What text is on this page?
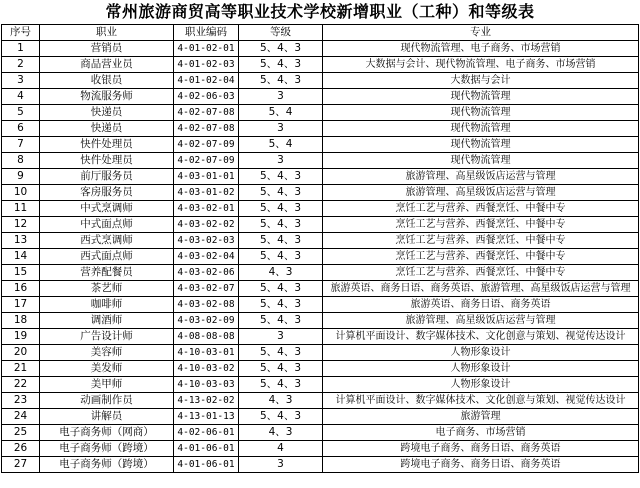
常州旅游商贸高等职业技术学校新增职业（工种）和等级表
序号	职业	职业编码	等级	专业
1	营销员	4-01-02-01	5、4、3	现代物流管理、电子商务、市场营销
2	商品营业员	4-01-02-03	5、4、3	大数据与会计、现代物流管理、电子商务、市场营销
3	收银员	4-01-02-04	5、4、3	大数据与会计
4	物流服务师	4-02-06-03	3	现代物流管理
5	快递员	4-02-07-08	5、4	现代物流管理
6	快递员	4-02-07-08	3	现代物流管理
7	快件处理员	4-02-07-09	5、4	现代物流管理
8	快件处理员	4-02-07-09	3	现代物流管理
9	前厅服务员	4-03-01-01	5、4、3	旅游管理、高星级饭店运营与管理
10	客房服务员	4-03-01-02	5、4、3	旅游管理、高星级饭店运营与管理
11	中式烹调师	4-03-02-01	5、4、3	烹饪工艺与营养、西餐烹饪、中餐中专
12	中式面点师	4-03-02-02	5、4、3	烹饪工艺与营养、西餐烹饪、中餐中专
13	西式烹调师	4-03-02-03	5、4、3	烹饪工艺与营养、西餐烹饪、中餐中专
14	西式面点师	4-03-02-04	5、4、3	烹饪工艺与营养、西餐烹饪、中餐中专
15	营养配餐员	4-03-02-06	4、3	烹饪工艺与营养、西餐烹饪、中餐中专
16	茶艺师	4-03-02-07	5、4、3	旅游英语、商务日语、商务英语、旅游管理、高星级饭店运营与管理
17	咖啡师	4-03-02-08	5、4、3	旅游英语、商务日语、商务英语
18	调酒师	4-03-02-09	5、4、3	旅游管理、高星级饭店运营与管理
19	广告设计师	4-08-08-08	3	计算机平面设计、数字媒体技术、文化创意与策划、视觉传达设计
20	美容师	4-10-03-01	5、4、3	人物形象设计
21	美发师	4-10-03-02	5、4、3	人物形象设计
22	美甲师	4-10-03-03	5、4、3	人物形象设计
23	动画制作员	4-13-02-02	4、3	计算机平面设计、数字媒体技术、文化创意与策划、视觉传达设计
24	讲解员	4-13-01-13	5、4、3	旅游管理
25	电子商务师（网商）	4-02-06-01	4、3	电子商务、市场营销
26	电子商务师（跨境）	4-01-06-01	4	跨境电子商务、商务日语、商务英语
27	电子商务师（跨境）	4-01-06-01	3	跨境电子商务、商务日语、商务英语
